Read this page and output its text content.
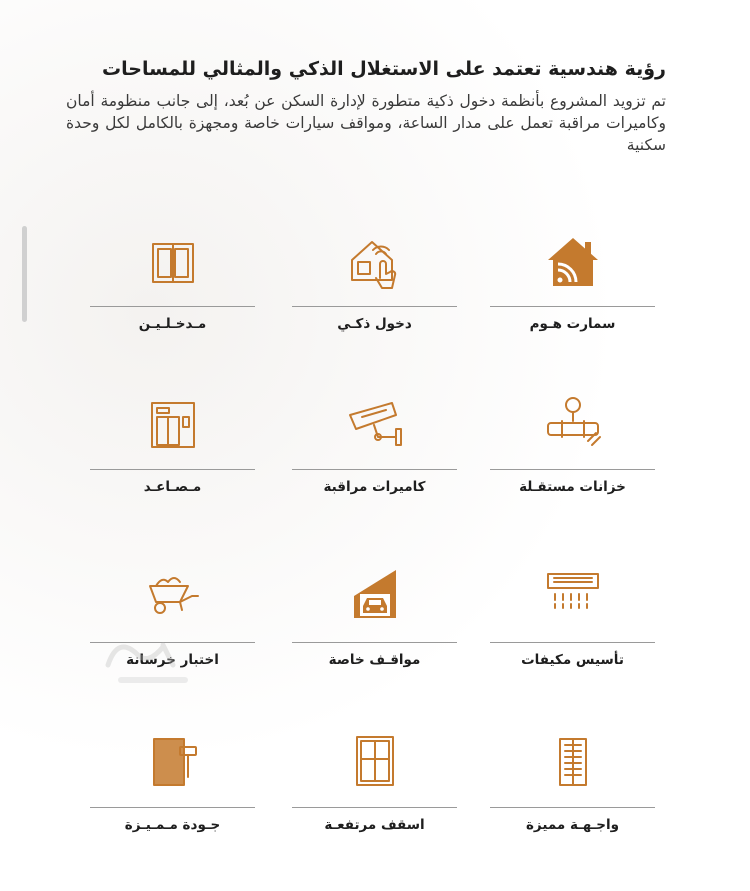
رؤية هندسية تعتمد على الاستغلال الذكي والمثالي للمساحات
تم تزويد المشروع بأنظمة دخول ذكية متطورة لإدارة السكن عن بُعد، إلى جانب منظومة أمان وكاميرات مراقبة تعمل على مدار الساعة، ومواقف سيارات خاصة ومجهزة بالكامل لكل وحدة سكنية
سمارت هـوم
دخول ذكـي
مـدخـلـيـن
خزانات مستقـلة
كاميرات مراقبة
مـصـاعـد
تأسيس مكيفات
مواقـف خاصة
اختبار خرسانة
واجـهـة مميزة
اسقف مرتفعـة
جـودة مـمـيـزة
